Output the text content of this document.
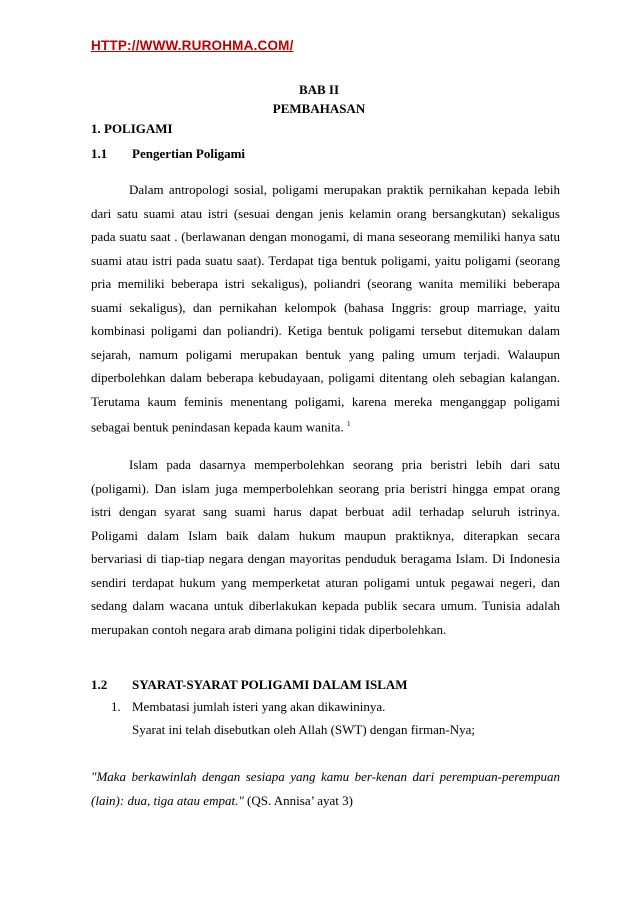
HTTP://WWW.RUROHMA.COM/
BAB II
PEMBAHASAN
1. POLIGAMI
1.1 Pengertian Poligami
Dalam antropologi sosial, poligami merupakan praktik pernikahan kepada lebih dari satu suami atau istri (sesuai dengan jenis kelamin orang bersangkutan) sekaligus pada suatu saat . (berlawanan dengan monogami, di mana seseorang memiliki hanya satu suami atau istri pada suatu saat). Terdapat tiga bentuk poligami, yaitu poligami (seorang pria memiliki beberapa istri sekaligus), poliandri (seorang wanita memiliki beberapa suami sekaligus), dan pernikahan kelompok (bahasa Inggris: group marriage, yaitu kombinasi poligami dan poliandri). Ketiga bentuk poligami tersebut ditemukan dalam sejarah, namum poligami merupakan bentuk yang paling umum terjadi. Walaupun diperbolehkan dalam beberapa kebudayaan, poligami ditentang oleh sebagian kalangan. Terutama kaum feminis menentang poligami, karena mereka menganggap poligami sebagai bentuk penindasan kepada kaum wanita. $^1$
Islam pada dasarnya memperbolehkan seorang pria beristri lebih dari satu (poligami). Dan islam juga memperbolehkan seorang pria beristri hingga empat orang istri dengan syarat sang suami harus dapat berbuat adil terhadap seluruh istrinya. Poligami dalam Islam baik dalam hukum maupun praktiknya, diterapkan secara bervariasi di tiap-tiap negara dengan mayoritas penduduk beragama Islam. Di Indonesia sendiri terdapat hukum yang memperketat aturan poligami untuk pegawai negeri, dan sedang dalam wacana untuk diberlakukan kepada publik secara umum. Tunisia adalah merupakan contoh negara arab dimana poligini tidak diperbolehkan.
1.2 SYARAT-SYARAT POLIGAMI DALAM ISLAM
1. Membatasi jumlah isteri yang akan dikawininya.
Syarat ini telah disebutkan oleh Allah (SWT) dengan firman-Nya;
"Maka berkawinlah dengan sesiapa yang kamu ber-kenan dari perempuan-perempuan (lain): dua, tiga atau empat." (QS. Annisa’ ayat 3)
